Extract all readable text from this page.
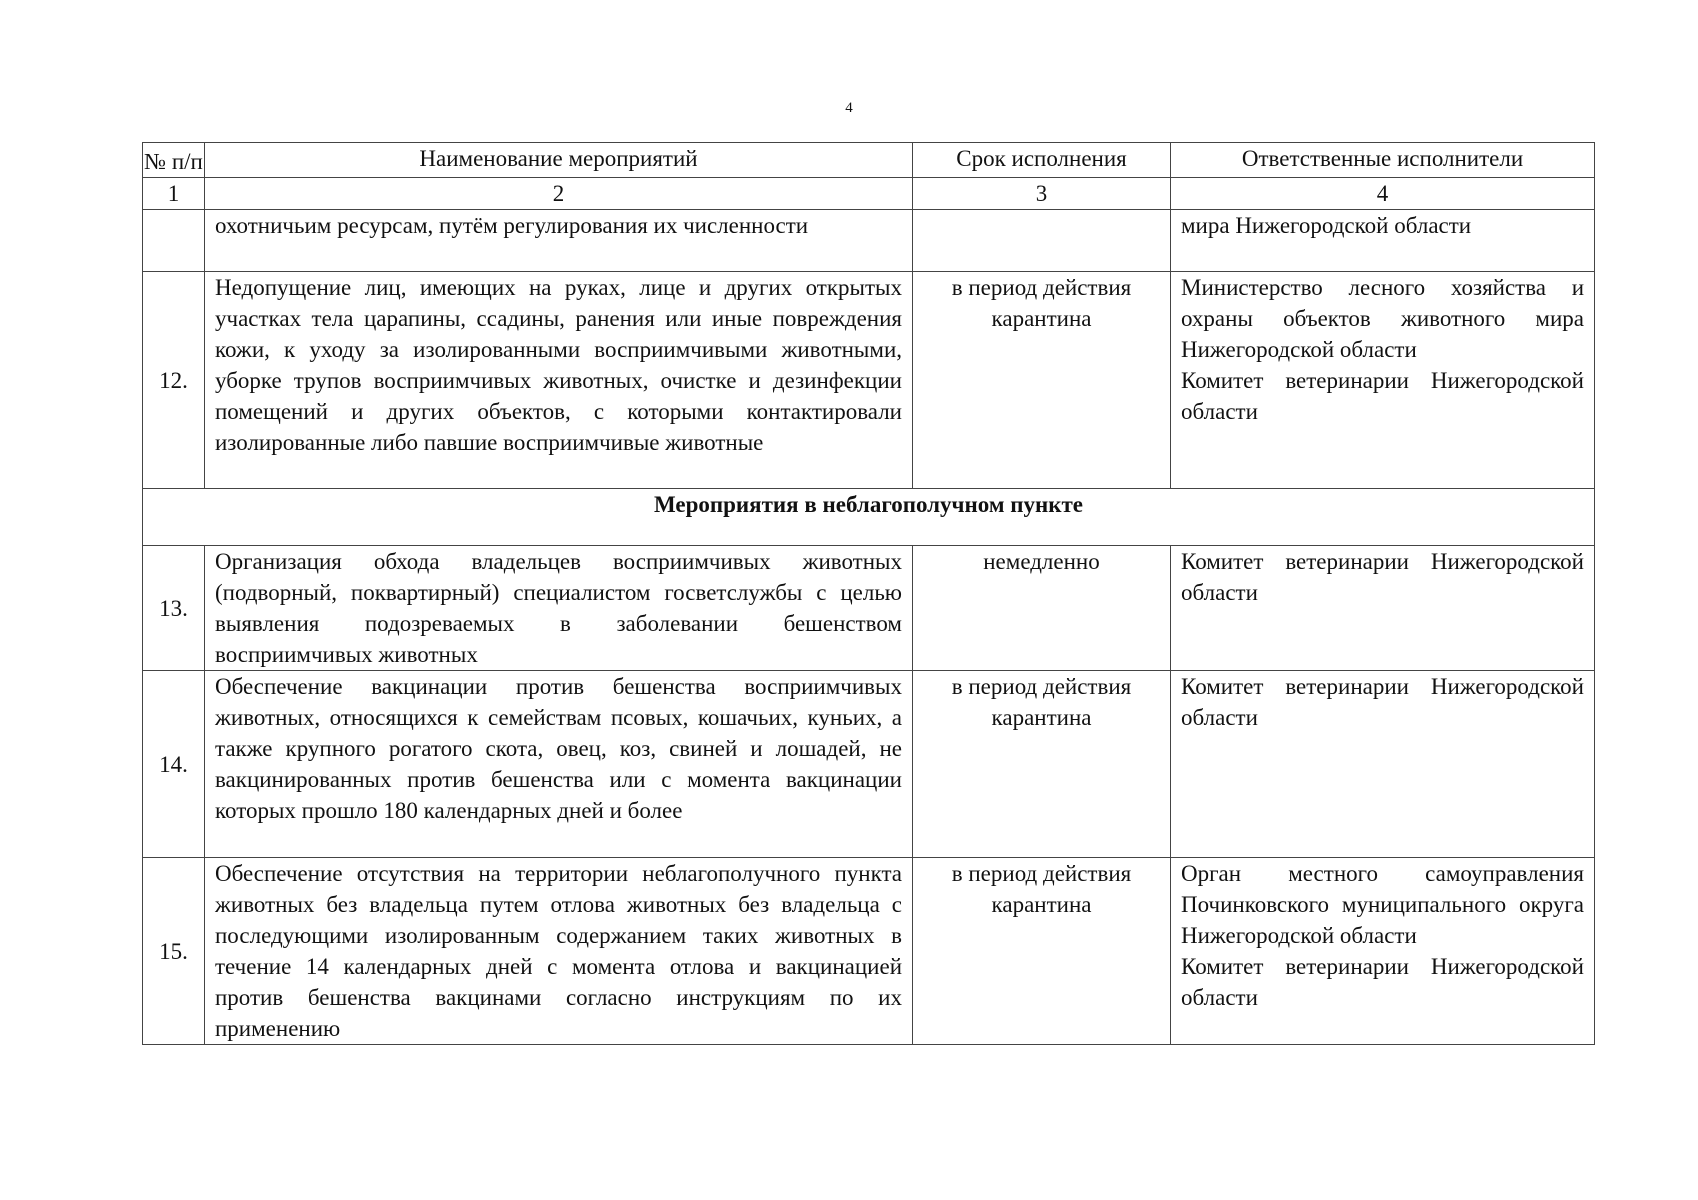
4
№ п/п	Наименование мероприятий	Срок исполнения	Ответственные исполнители
1	2	3	4
	охотничьим ресурсам, путём регулирования их численности		мира Нижегородской области
12.	Недопущение лиц, имеющих на руках, лице и других открытых участках тела царапины, ссадины, ранения или иные повреждения кожи, к уходу за изолированными восприимчивыми животными, уборке трупов восприимчивых животных, очистке и дезинфекции помещений и других объектов, с которыми контактировали изолированные либо павшие восприимчивые животные	в период действия карантина	Министерство лесного хозяйства и охраны объектов животного мира Нижегородской области
Комитет ветеринарии Нижегородской области

Мероприятия в неблагополучном пункте			
13.	Организация обхода владельцев восприимчивых животных (подворный, поквартирный) специалистом госветслужбы с целью выявления подозреваемых в заболевании бешенством восприимчивых животных	немедленно	Комитет ветеринарии Нижегородской области

14.	Обеспечение вакцинации против бешенства восприимчивых животных, относящихся к семействам псовых, кошачьих, куньих, а также крупного рогатого скота, овец, коз, свиней и лошадей, не вакцинированных против бешенства или с момента вакцинации которых прошло 180 календарных дней и более	в период действия карантина	Комитет ветеринарии Нижегородской области

15.	Обеспечение отсутствия на территории неблагополучного пункта животных без владельца путем отлова животных без владельца с последующими изолированным содержанием таких животных в течение 14 календарных дней с момента отлова и вакцинацией против бешенства вакцинами согласно инструкциям по их применению	в период действия карантина	Орган местного самоуправления Починковского муниципального округа Нижегородской области
Комитет ветеринарии Нижегородской области
